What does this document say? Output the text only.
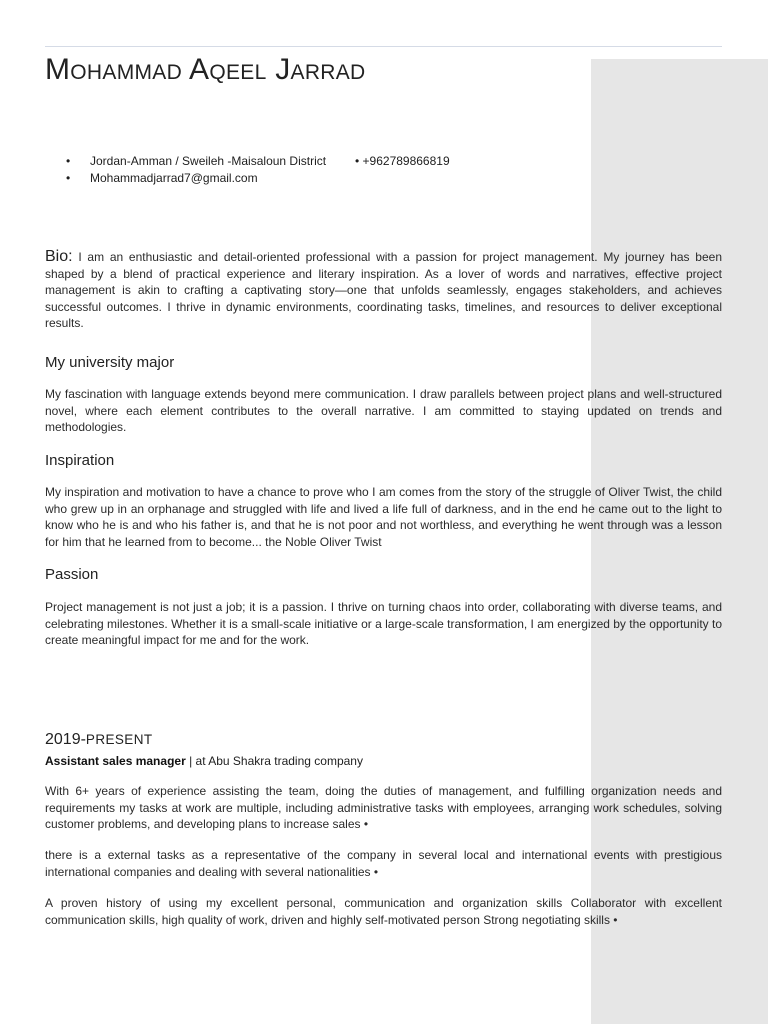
Mohammad Aqeel Jarrad
• Jordan-Amman / Sweileh -Maisaloun District • +962789866819
• Mohammadjarrad7@gmail.com
Bio: I am an enthusiastic and detail-oriented professional with a passion for project management. My journey has been shaped by a blend of practical experience and literary inspiration. As a lover of words and narratives, effective project management is akin to crafting a captivating story—one that unfolds seamlessly, engages stakeholders, and achieves successful outcomes. I thrive in dynamic environments, coordinating tasks, timelines, and resources to deliver exceptional results.
My university major
My fascination with language extends beyond mere communication. I draw parallels between project plans and well-structured novel, where each element contributes to the overall narrative. I am committed to staying updated on trends and methodologies.
Inspiration
My inspiration and motivation to have a chance to prove who I am comes from the story of the struggle of Oliver Twist, the child who grew up in an orphanage and struggled with life and lived a life full of darkness, and in the end he came out to the light to know who he is and who his father is, and that he is not poor and not worthless, and everything he went through was a lesson for him that he learned from to become... the Noble Oliver Twist
Passion
Project management is not just a job; it is a passion. I thrive on turning chaos into order, collaborating with diverse teams, and celebrating milestones. Whether it is a small-scale initiative or a large-scale transformation, I am energized by the opportunity to create meaningful impact for me and for the work.
2019-PRESENT
Assistant sales manager | at Abu Shakra trading company
With 6+ years of experience assisting the team, doing the duties of management, and fulfilling organization needs and requirements my tasks at work are multiple, including administrative tasks with employees, arranging work schedules, solving customer problems, and developing plans to increase sales •
there is a external tasks as a representative of the company in several local and international events with prestigious international companies and dealing with several nationalities •
A proven history of using my excellent personal, communication and organization skills Collaborator with excellent communication skills, high quality of work, driven and highly self-motivated person Strong negotiating skills •
